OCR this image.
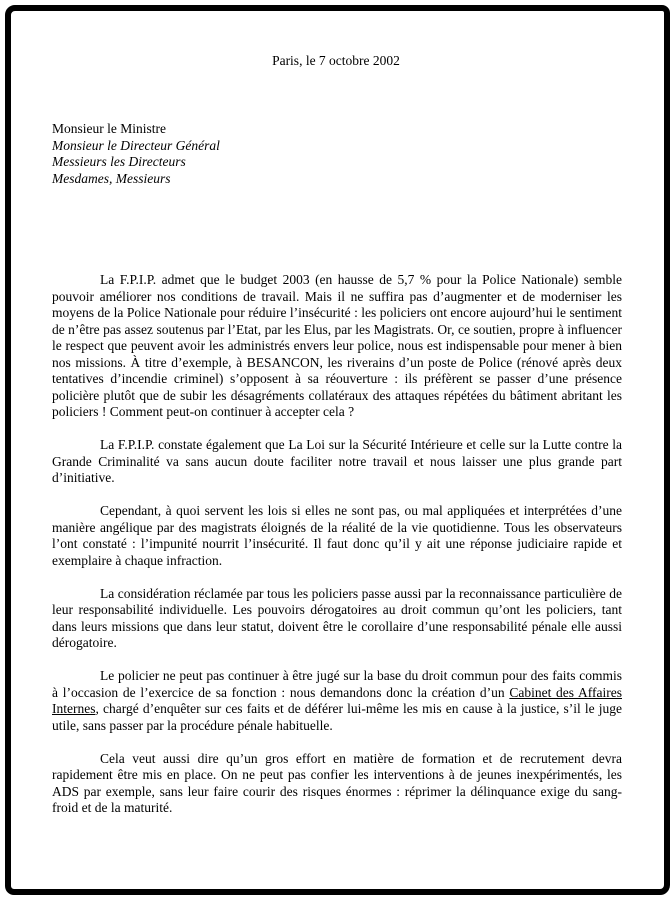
Paris, le 7 octobre 2002
Monsieur le Ministre
Monsieur le Directeur Général
Messieurs les Directeurs
Mesdames, Messieurs

La F.P.I.P. admet que le budget 2003 (en hausse de 5,7 % pour la Police Nationale) semble pouvoir améliorer nos conditions de travail. Mais il ne suffira pas d’augmenter et de moderniser les moyens de la Police Nationale pour réduire l’insécurité : les policiers ont encore aujourd’hui le sentiment de n’être pas assez soutenus par l’Etat, par les Elus, par les Magistrats. Or, ce soutien, propre à influencer le respect que peuvent avoir les administrés envers leur police, nous est indispensable pour mener à bien nos missions. À titre d’exemple, à BESANCON, les riverains d’un poste de Police (rénové après deux tentatives d’incendie criminel) s’opposent à sa réouverture : ils préfèrent se passer d’une présence policière plutôt que de subir les désagréments collatéraux des attaques répétées du bâtiment abritant les policiers ! Comment peut-on continuer à accepter cela ?

La F.P.I.P. constate également que La Loi sur la Sécurité Intérieure et celle sur la Lutte contre la Grande Criminalité va sans aucun doute faciliter notre travail et nous laisser une plus grande part d’initiative.

Cependant, à quoi servent les lois si elles ne sont pas, ou mal appliquées et interprétées d’une manière angélique par des magistrats éloignés de la réalité de la vie quotidienne. Tous les observateurs l’ont constaté : l’impunité nourrit l’insécurité. Il faut donc qu’il y ait une réponse judiciaire rapide et exemplaire à chaque infraction.

La considération réclamée par tous les policiers passe aussi par la reconnaissance particulière de leur responsabilité individuelle. Les pouvoirs dérogatoires au droit commun qu’ont les policiers, tant dans leurs missions que dans leur statut, doivent être le corollaire d’une responsabilité pénale elle aussi dérogatoire.

Le policier ne peut pas continuer à être jugé sur la base du droit commun pour des faits commis à l’occasion de l’exercice de sa fonction : nous demandons donc la création d’un Cabinet des Affaires Internes, chargé d’enquêter sur ces faits et de déférer lui-même les mis en cause à la justice, s’il le juge utile, sans passer par la procédure pénale habituelle.

Cela veut aussi dire qu’un gros effort en matière de formation et de recrutement devra rapidement être mis en place. On ne peut pas confier les interventions à de jeunes inexpérimentés, les ADS par exemple, sans leur faire courir des risques énormes : réprimer la délinquance exige du sang-froid et de la maturité.
